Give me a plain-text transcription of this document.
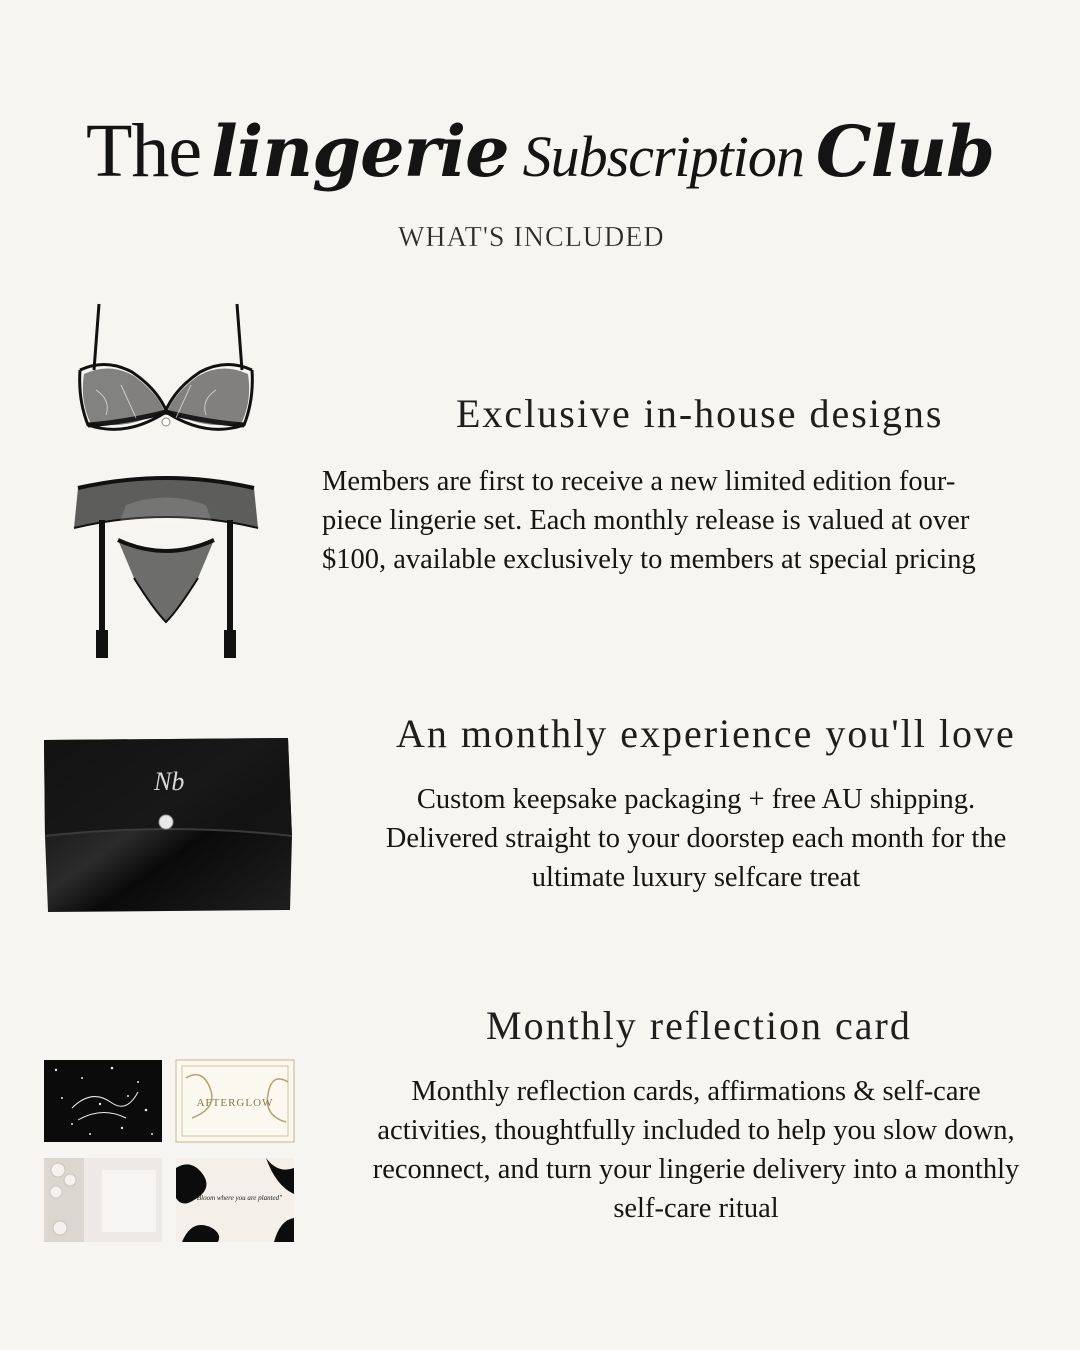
The lingerie Subscription Club
WHAT'S INCLUDED
Exclusive in-house designs
Members are first to receive a new limited edition four-
piece lingerie set. Each monthly release is valued at over
$100, available exclusively to members at special pricing
Nb
An monthly experience you'll love
Custom keepsake packaging + free AU shipping.
Delivered straight to your doorstep each month for the
ultimate luxury selfcare treat
AFTERGLOW
"Bloom where you are planted"
Monthly reflection card
Monthly reflection cards, affirmations & self-care
activities, thoughtfully included to help you slow down,
reconnect, and turn your lingerie delivery into a monthly
self-care ritual
